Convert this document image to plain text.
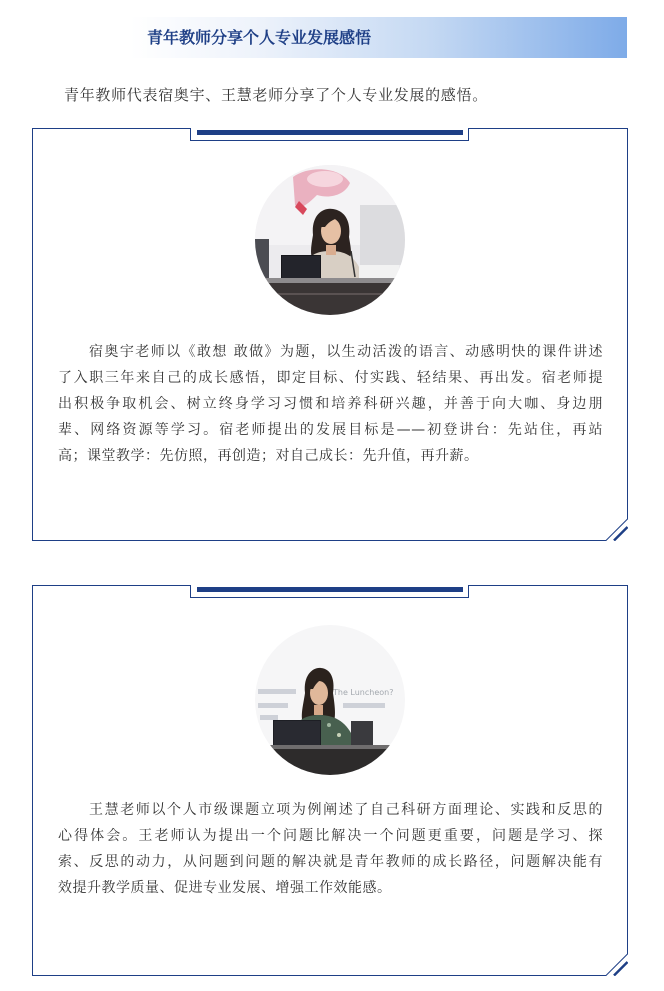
青年教师分享个人专业发展感悟
青年教师代表宿奥宇、王慧老师分享了个人专业发展的感悟。
宿奥宇老师以《敢想 敢做》为题，以生动活泼的语言、动感明快的课件讲述
了入职三年来自己的成长感悟，即定目标、付实践、轻结果、再出发。宿老师提
出积极争取机会、树立终身学习习惯和培养科研兴趣，并善于向大咖、身边朋
辈、网络资源等学习。宿老师提出的发展目标是——初登讲台：先站住，再站
高；课堂教学：先仿照，再创造；对自己成长：先升值，再升薪。
The Luncheon?
王慧老师以个人市级课题立项为例阐述了自己科研方面理论、实践和反思的
心得体会。王老师认为提出一个问题比解决一个问题更重要，问题是学习、探
索、反思的动力，从问题到问题的解决就是青年教师的成长路径，问题解决能有
效提升教学质量、促进专业发展、增强工作效能感。
